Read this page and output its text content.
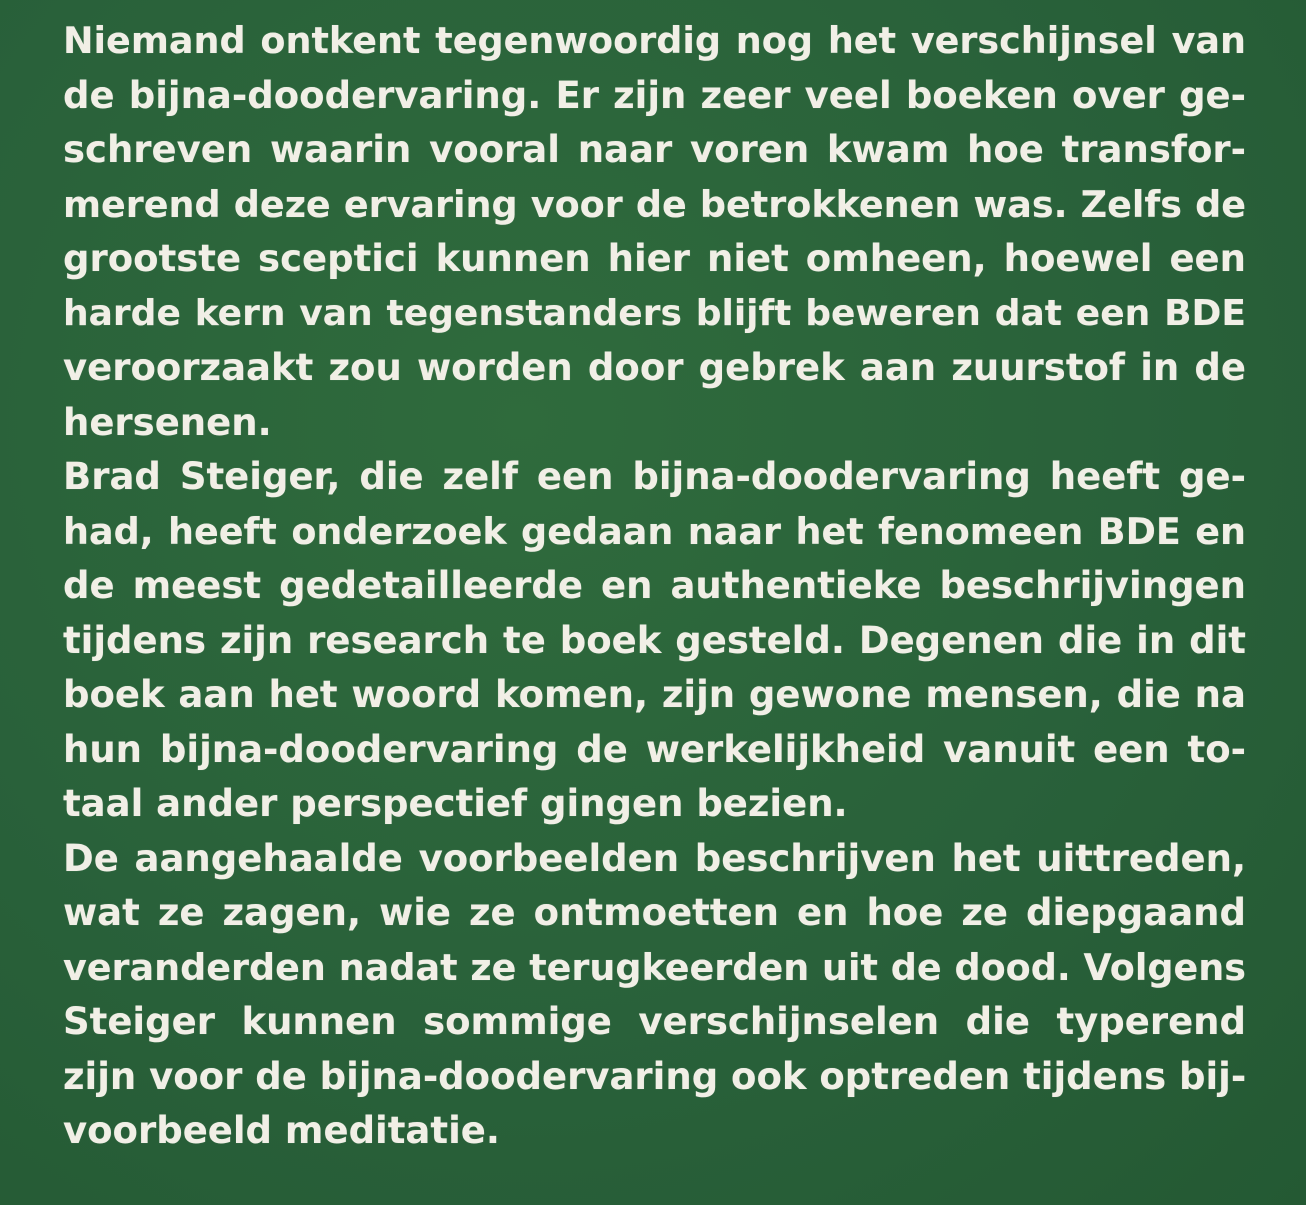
Niemand ontkent tegenwoordig nog het verschijnsel van
de bijna-doodervaring. Er zijn zeer veel boeken over ge-
schreven waarin vooral naar voren kwam hoe transfor-
merend deze ervaring voor de betrokkenen was. Zelfs de
grootste sceptici kunnen hier niet omheen, hoewel een
harde kern van tegenstanders blijft beweren dat een BDE
veroorzaakt zou worden door gebrek aan zuurstof in de
hersenen.
Brad Steiger, die zelf een bijna-doodervaring heeft ge-
had, heeft onderzoek gedaan naar het fenomeen BDE en
de meest gedetailleerde en authentieke beschrijvingen
tijdens zijn research te boek gesteld. Degenen die in dit
boek aan het woord komen, zijn gewone mensen, die na
hun bijna-doodervaring de werkelijkheid vanuit een to-
taal ander perspectief gingen bezien.
De aangehaalde voorbeelden beschrijven het uittreden,
wat ze zagen, wie ze ontmoetten en hoe ze diepgaand
veranderden nadat ze terugkeerden uit de dood. Volgens
Steiger kunnen sommige verschijnselen die typerend
zijn voor de bijna-doodervaring ook optreden tijdens bij-
voorbeeld meditatie.
